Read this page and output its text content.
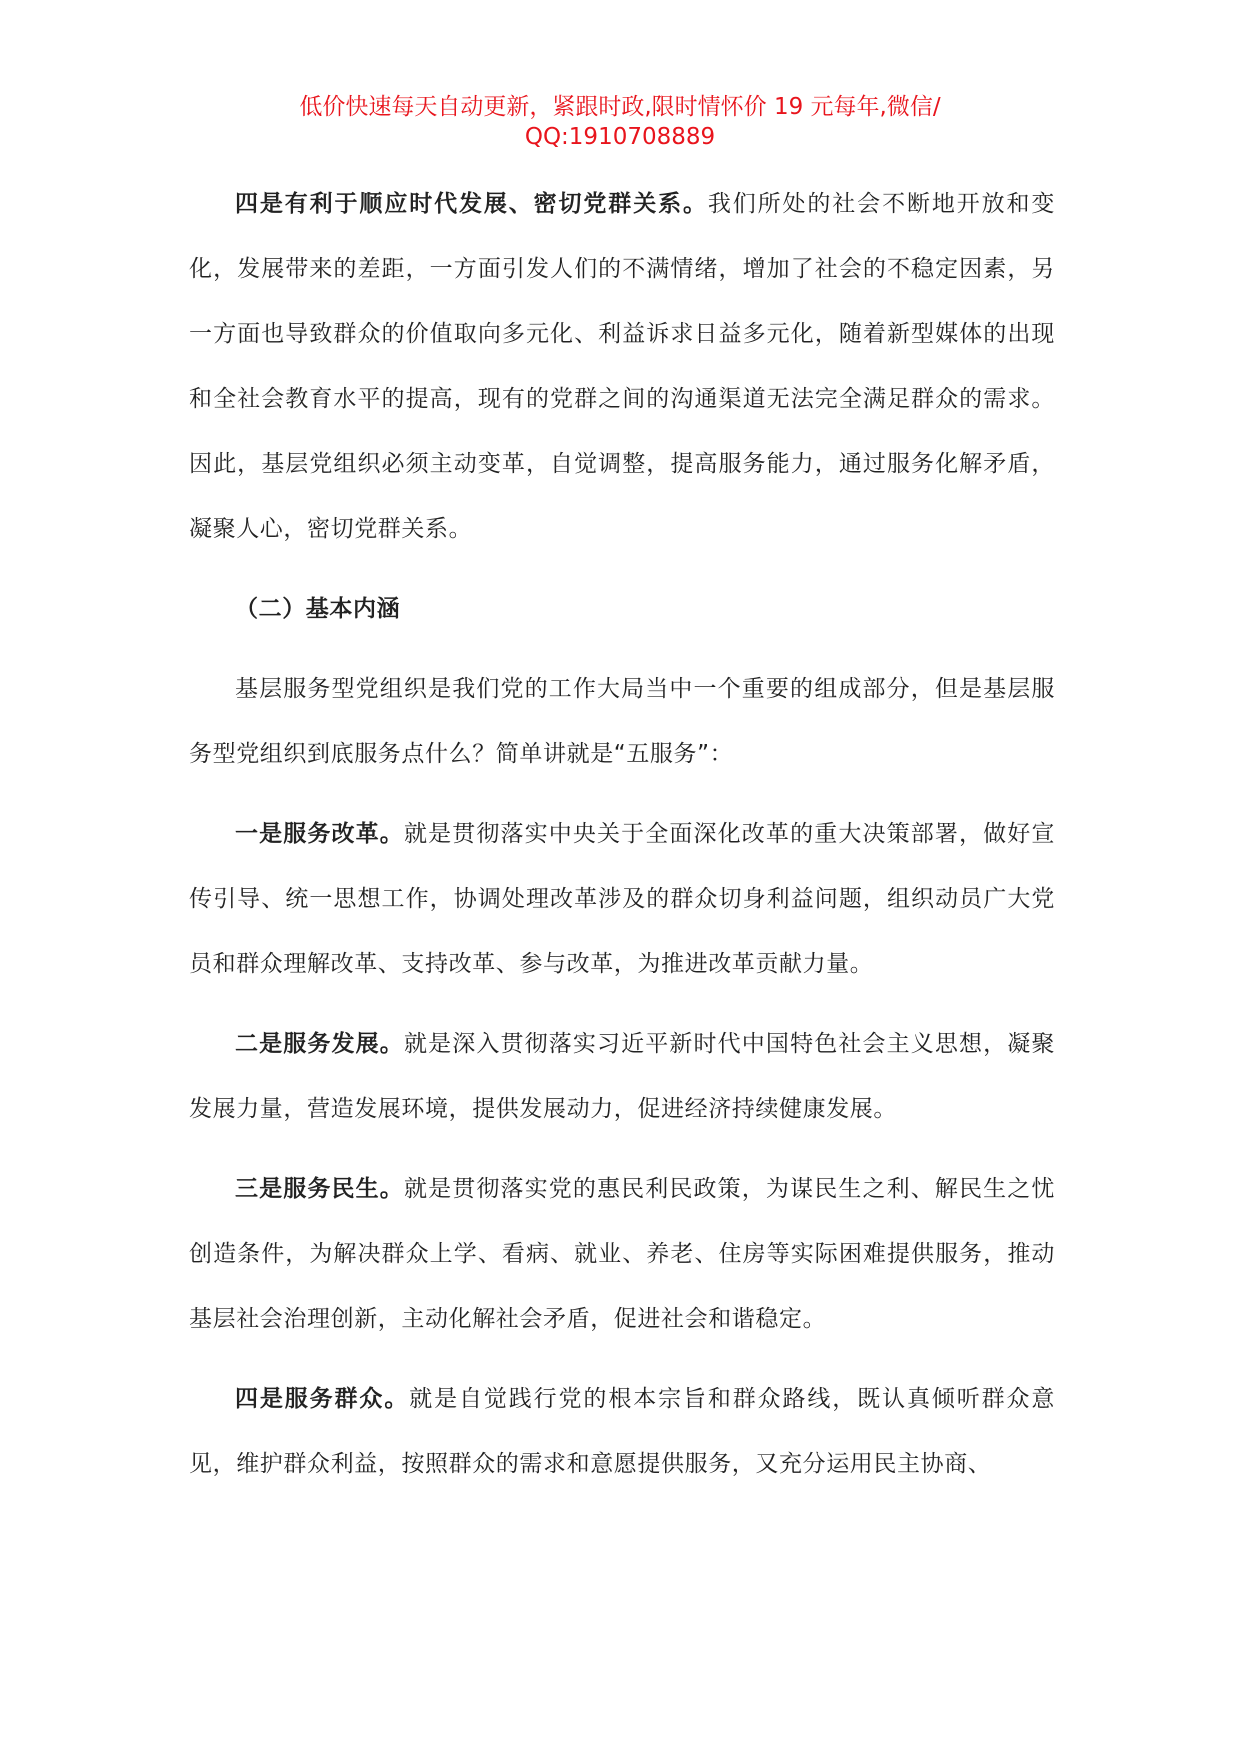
低价快速每天自动更新，紧跟时政,限时情怀价 19 元每年,微信/
QQ:1910708889

四是有利于顺应时代发展、密切党群关系。我们所处的社会不断地开放和变化，发展带来的差距，一方面引发人们的不满情绪，增加了社会的不稳定因素，另一方面也导致群众的价值取向多元化、利益诉求日益多元化，随着新型媒体的出现和全社会教育水平的提高，现有的党群之间的沟通渠道无法完全满足群众的需求。因此，基层党组织必须主动变革，自觉调整，提高服务能力，通过服务化解矛盾，凝聚人心，密切党群关系。

（二）基本内涵

基层服务型党组织是我们党的工作大局当中一个重要的组成部分，但是基层服务型党组织到底服务点什么？简单讲就是“五服务”：

一是服务改革。就是贯彻落实中央关于全面深化改革的重大决策部署，做好宣传引导、统一思想工作，协调处理改革涉及的群众切身利益问题，组织动员广大党员和群众理解改革、支持改革、参与改革，为推进改革贡献力量。

二是服务发展。就是深入贯彻落实习近平新时代中国特色社会主义思想，凝聚发展力量，营造发展环境，提供发展动力，促进经济持续健康发展。

三是服务民生。就是贯彻落实党的惠民利民政策，为谋民生之利、解民生之忧创造条件，为解决群众上学、看病、就业、养老、住房等实际困难提供服务，推动基层社会治理创新，主动化解社会矛盾，促进社会和谐稳定。

四是服务群众。就是自觉践行党的根本宗旨和群众路线，既认真倾听群众意见，维护群众利益，按照群众的需求和意愿提供服务，又充分运用民主协商、
